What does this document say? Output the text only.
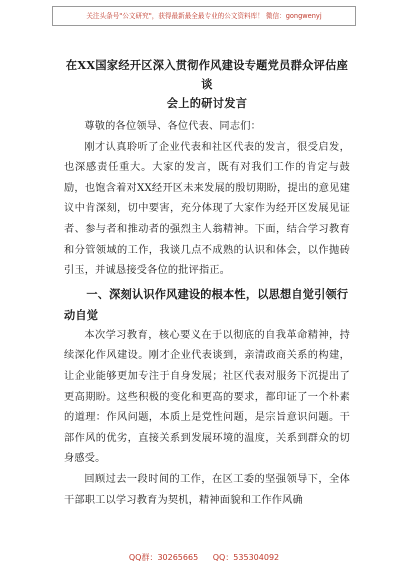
关注头条号"公文研究"，获得最新最全最专业的公文资料库！ 微信：gongwenyj

在XX国家经开区深入贯彻作风建设专题党员群众评估座谈

会上的研讨发言

尊敬的各位领导、各位代表、同志们：

刚才认真聆听了企业代表和社区代表的发言，很受启发，也深感责任重大。大家的发言，既有对我们工作的肯定与鼓励，也饱含着对XX经开区未来发展的殷切期盼，提出的意见建议中肯深刻，切中要害，充分体现了大家作为经开区发展见证者、参与者和推动者的强烈主人翁精神。下面，结合学习教育和分管领域的工作，我谈几点不成熟的认识和体会，以作抛砖引玉，并诚恳接受各位的批评指正。

一、深刻认识作风建设的根本性，以思想自觉引领行动自觉

本次学习教育，核心要义在于以彻底的自我革命精神，持续深化作风建设。刚才企业代表谈到，亲清政商关系的构建，让企业能够更加专注于自身发展；社区代表对服务下沉提出了更高期盼。这些积极的变化和更高的要求，都印证了一个朴素的道理：作风问题，本质上是党性问题，是宗旨意识问题。干部作风的优劣，直接关系到发展环境的温度，关系到群众的切身感受。

回顾过去一段时间的工作，在区工委的坚强领导下，全体干部职工以学习教育为契机，精神面貌和工作作风确

QQ群：30265665 QQ：535304092
